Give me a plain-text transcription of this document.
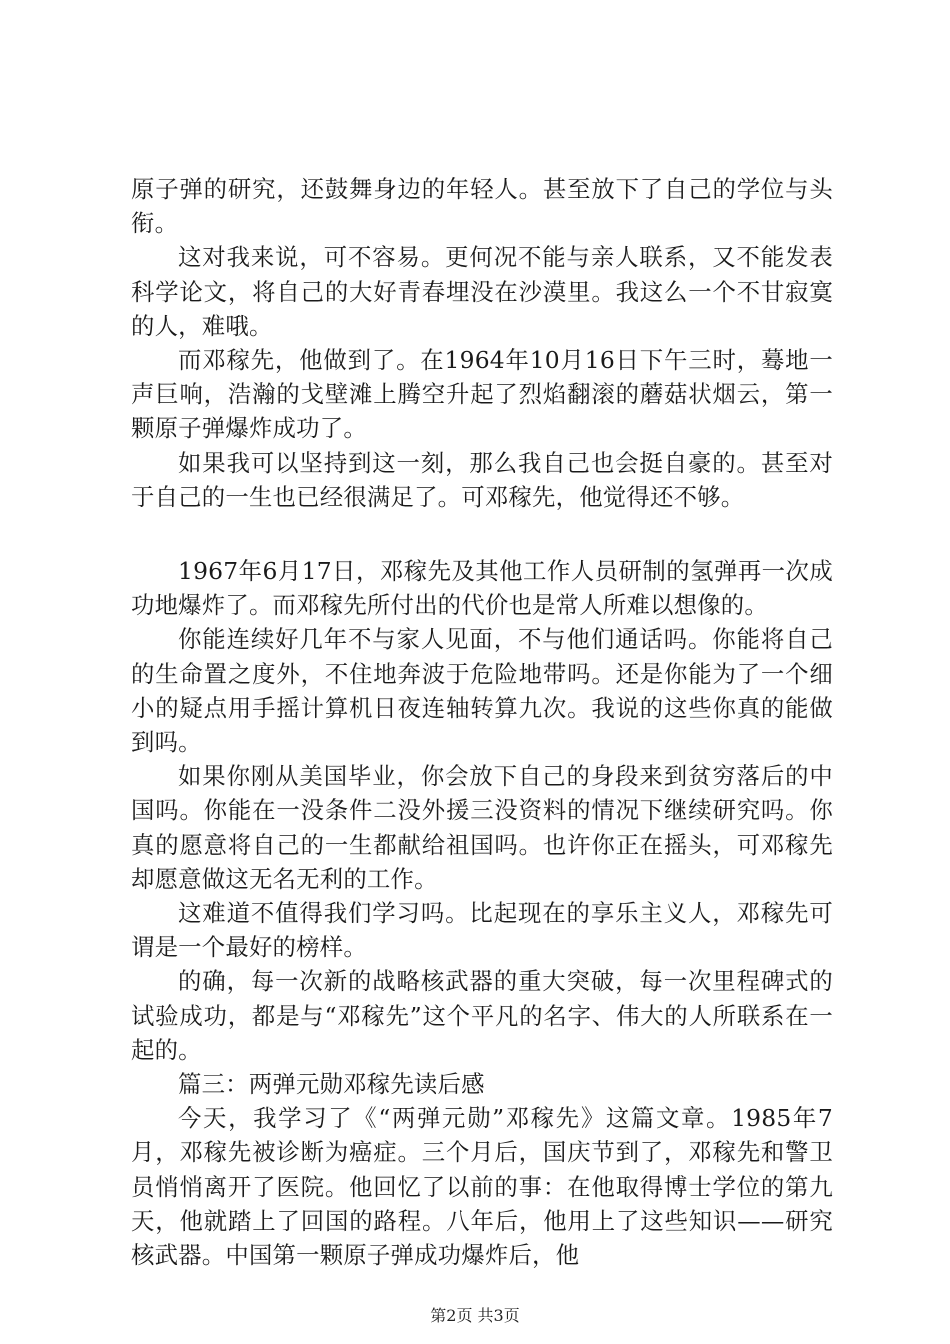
原子弹的研究，还鼓舞身边的年轻人。甚至放下了自己的学位与头衔。

这对我来说，可不容易。更何况不能与亲人联系，又不能发表科学论文，将自己的大好青春埋没在沙漠里。我这么一个不甘寂寞的人，难哦。

而邓稼先，他做到了。在1964年10月16日下午三时，蓦地一声巨响，浩瀚的戈壁滩上腾空升起了烈焰翻滚的蘑菇状烟云，第一颗原子弹爆炸成功了。

如果我可以坚持到这一刻，那么我自己也会挺自豪的。甚至对于自己的一生也已经很满足了。可邓稼先，他觉得还不够。

1967年6月17日，邓稼先及其他工作人员研制的氢弹再一次成功地爆炸了。而邓稼先所付出的代价也是常人所难以想像的。

你能连续好几年不与家人见面，不与他们通话吗。你能将自己的生命置之度外，不住地奔波于危险地带吗。还是你能为了一个细小的疑点用手摇计算机日夜连轴转算九次。我说的这些你真的能做到吗。

如果你刚从美国毕业，你会放下自己的身段来到贫穷落后的中国吗。你能在一没条件二没外援三没资料的情况下继续研究吗。你真的愿意将自己的一生都献给祖国吗。也许你正在摇头，可邓稼先却愿意做这无名无利的工作。

这难道不值得我们学习吗。比起现在的享乐主义人，邓稼先可谓是一个最好的榜样。

的确，每一次新的战略核武器的重大突破，每一次里程碑式的试验成功，都是与“邓稼先”这个平凡的名字、伟大的人所联系在一起的。

篇三：两弹元勋邓稼先读后感

今天，我学习了《“两弹元勋”邓稼先》这篇文章。1985年7月，邓稼先被诊断为癌症。三个月后，国庆节到了，邓稼先和警卫员悄悄离开了医院。他回忆了以前的事：在他取得博士学位的第九天，他就踏上了回国的路程。八年后，他用上了这些知识——研究核武器。中国第一颗原子弹成功爆炸后，他

第2页 共3页
